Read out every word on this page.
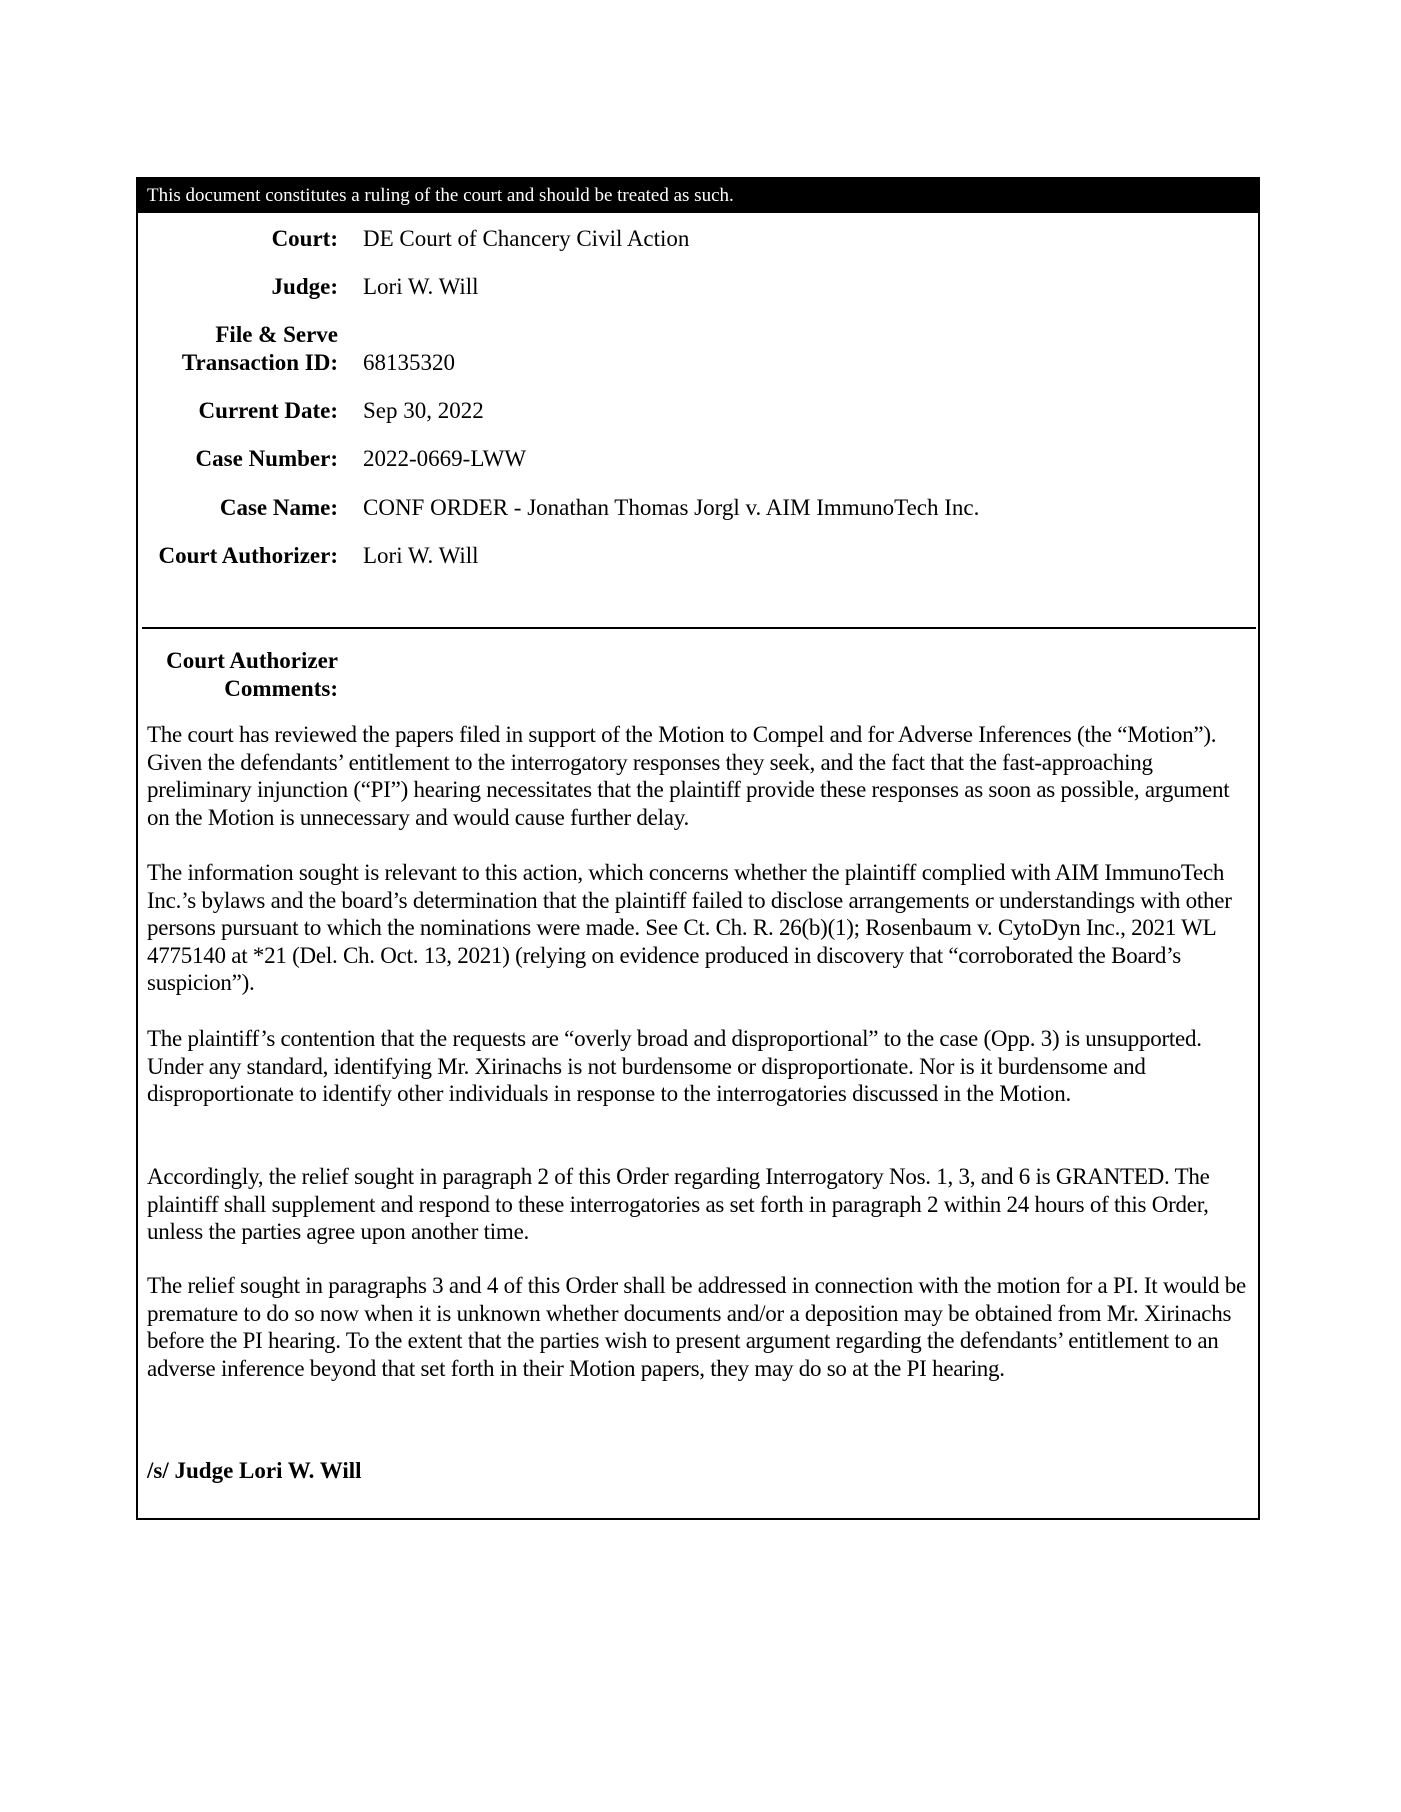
This document constitutes a ruling of the court and should be treated as such.
Court: DE Court of Chancery Civil Action
Judge: Lori W. Will
File & Serve
Transaction ID: 68135320
Current Date: Sep 30, 2022
Case Number: 2022-0669-LWW
Case Name: CONF ORDER - Jonathan Thomas Jorgl v. AIM ImmunoTech Inc.
Court Authorizer: Lori W. Will
Court Authorizer
Comments:

The court has reviewed the papers filed in support of the Motion to Compel and for Adverse Inferences (the “Motion”). Given the defendants’ entitlement to the interrogatory responses they seek, and the fact that the fast-approaching preliminary injunction (“PI”) hearing necessitates that the plaintiff provide these responses as soon as possible, argument on the Motion is unnecessary and would cause further delay.

The information sought is relevant to this action, which concerns whether the plaintiff complied with AIM ImmunoTech Inc.’s bylaws and the board’s determination that the plaintiff failed to disclose arrangements or understandings with other persons pursuant to which the nominations were made. See Ct. Ch. R. 26(b)(1); Rosenbaum v. CytoDyn Inc., 2021 WL 4775140 at *21 (Del. Ch. Oct. 13, 2021) (relying on evidence produced in discovery that “corroborated the Board’s suspicion”).

The plaintiff’s contention that the requests are “overly broad and disproportional” to the case (Opp. 3) is unsupported. Under any standard, identifying Mr. Xirinachs is not burdensome or disproportionate. Nor is it burdensome and disproportionate to identify other individuals in response to the interrogatories discussed in the Motion.

Accordingly, the relief sought in paragraph 2 of this Order regarding Interrogatory Nos. 1, 3, and 6 is GRANTED. The plaintiff shall supplement and respond to these interrogatories as set forth in paragraph 2 within 24 hours of this Order, unless the parties agree upon another time.

The relief sought in paragraphs 3 and 4 of this Order shall be addressed in connection with the motion for a PI. It would be premature to do so now when it is unknown whether documents and/or a deposition may be obtained from Mr. Xirinachs before the PI hearing. To the extent that the parties wish to present argument regarding the defendants’ entitlement to an adverse inference beyond that set forth in their Motion papers, they may do so at the PI hearing.

/s/ Judge Lori W. Will
